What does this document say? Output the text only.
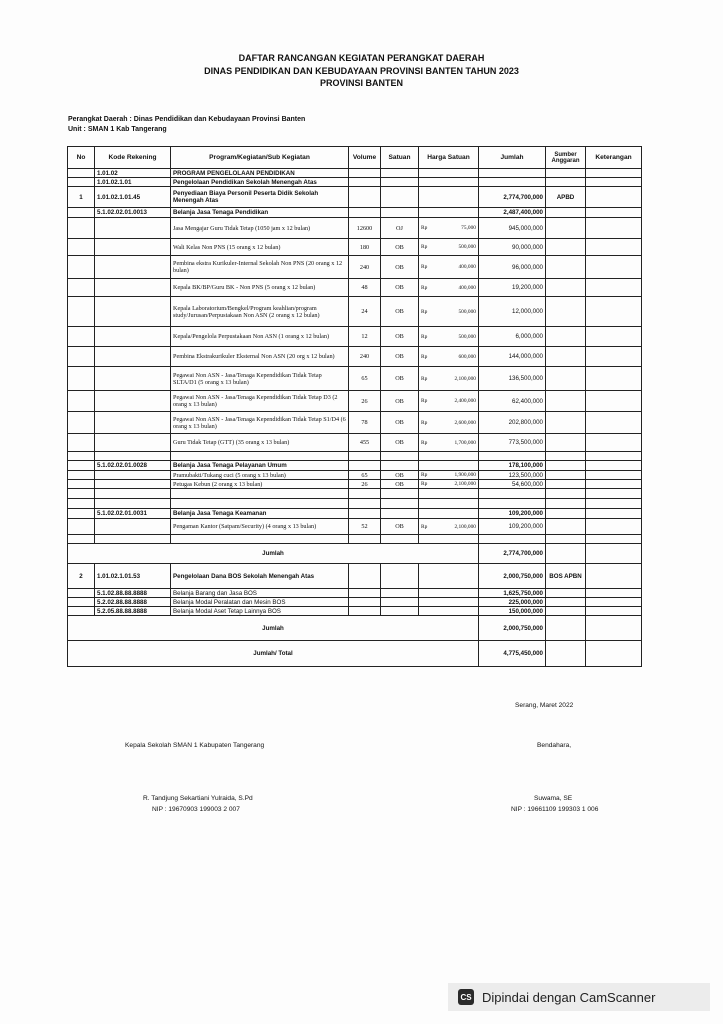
DAFTAR RANCANGAN KEGIATAN PERANGKAT DAERAH
DINAS PENDIDIKAN DAN KEBUDAYAAN PROVINSI BANTEN TAHUN 2023
PROVINSI BANTEN
Perangkat Daerah : Dinas Pendidikan dan Kebudayaan Provinsi Banten
Unit : SMAN 1 Kab Tangerang
No	Kode Rekening	Program/Kegiatan/Sub Kegiatan	Volume	Satuan	Harga Satuan	Jumlah	Sumber Anggaran	Keterangan
	1.01.02	PROGRAM PENGELOLAAN PENDIDIKAN						
	1.01.02.1.01	Pengelolaan Pendidikan Sekolah Menengah Atas						
1	1.01.02.1.01.45	Penyediaan Biaya Personil Peserta Didik Sekolah Menengah Atas				2,774,700,000	APBD	
	5.1.02.02.01.0013	Belanja Jasa Tenaga Pendidikan				2,487,400,000		
		Jasa Mengajar Guru Tidak Tetap (1050 jam x 12 bulan)	12600	OJ	Rp 75,000	945,000,000		
		Wali Kelas Non PNS (15 orang x 12 bulan)	180	OB	Rp 500,000	90,000,000		
		Pembina ekstra Kurikuler-Internal Sekolah Non PNS (20 orang x 12 bulan)	240	OB	Rp 400,000	96,000,000		
		Kepala BK/BP/Guru BK - Non PNS (5 orang x 12 bulan)	48	OB	Rp 400,000	19,200,000		
		Kepala Laboratorium/Bengkel/Program keahlian/program study/Jurusan/Perpustakaan Non ASN (2 orang x 12 bulan)	24	OB	Rp 500,000	12,000,000		
		Kepala/Pengelola Perpustakaan Non ASN (1 orang x 12 bulan)	12	OB	Rp 500,000	6,000,000		
		Pembina Ekstrakurikuler Eksternal Non ASN (20 org x 12 bulan)	240	OB	Rp 600,000	144,000,000		
		Pegawai Non ASN - Jasa/Tenaga Kependidikan Tidak Tetap SLTA/D1 (5 orang x 13 bulan)	65	OB	Rp 2,100,000	136,500,000		
		Pegawai Non ASN - Jasa/Tenaga Kependidikan Tidak Tetap D3 (2 orang x 13 bulan)	26	OB	Rp 2,400,000	62,400,000		
		Pegawai Non ASN - Jasa/Tenaga Kependidikan Tidak Tetap S1/D4 (6 orang x 13 bulan)	78	OB	Rp 2,600,000	202,800,000		
		Guru Tidak Tetap (GTT) (35 orang x 13 bulan)	455	OB	Rp 1,700,000	773,500,000		

	5.1.02.02.01.0028	Belanja Jasa Tenaga Pelayanan Umum				178,100,000		
		Pramubakti/Tukang cuci (5 orang x 13 bulan)	65	OB	Rp 1,900,000	123,500,000		
		Petugas Kebun (2 orang x 13 bulan)	26	OB	Rp 2,100,000	54,600,000		

	5.1.02.02.01.0031	Belanja Jasa Tenaga Keamanan				109,200,000		
		Pengaman Kantor (Satpam/Security) (4 orang x 13 bulan)	52	OB	Rp 2,100,000	109,200,000		

Jumlah						2,774,700,000		
2	1.01.02.1.01.53	Pengelolaan Dana BOS Sekolah Menengah Atas				2,000,750,000	BOS APBN	
	5.1.02.88.88.8888	Belanja Barang dan Jasa BOS				1,625,750,000		
	5.2.02.88.88.8888	Belanja Modal Peralatan dan Mesin BOS				225,000,000		
	5.2.05.88.88.8888	Belanja Modal Aset Tetap Lainnya BOS				150,000,000		
Jumlah						2,000,750,000		
Jumlah/ Total						4,775,450,000		
Serang, Maret 2022
Kepala Sekolah SMAN 1 Kabupaten Tangerang	Bendahara,
R. Tandjung Sekartiani Yulraida, S.Pd
NIP : 19670903 199003 2 007
Suwama, SE
NIP : 19661109 199303 1 006
CS Dipindai dengan CamScanner
